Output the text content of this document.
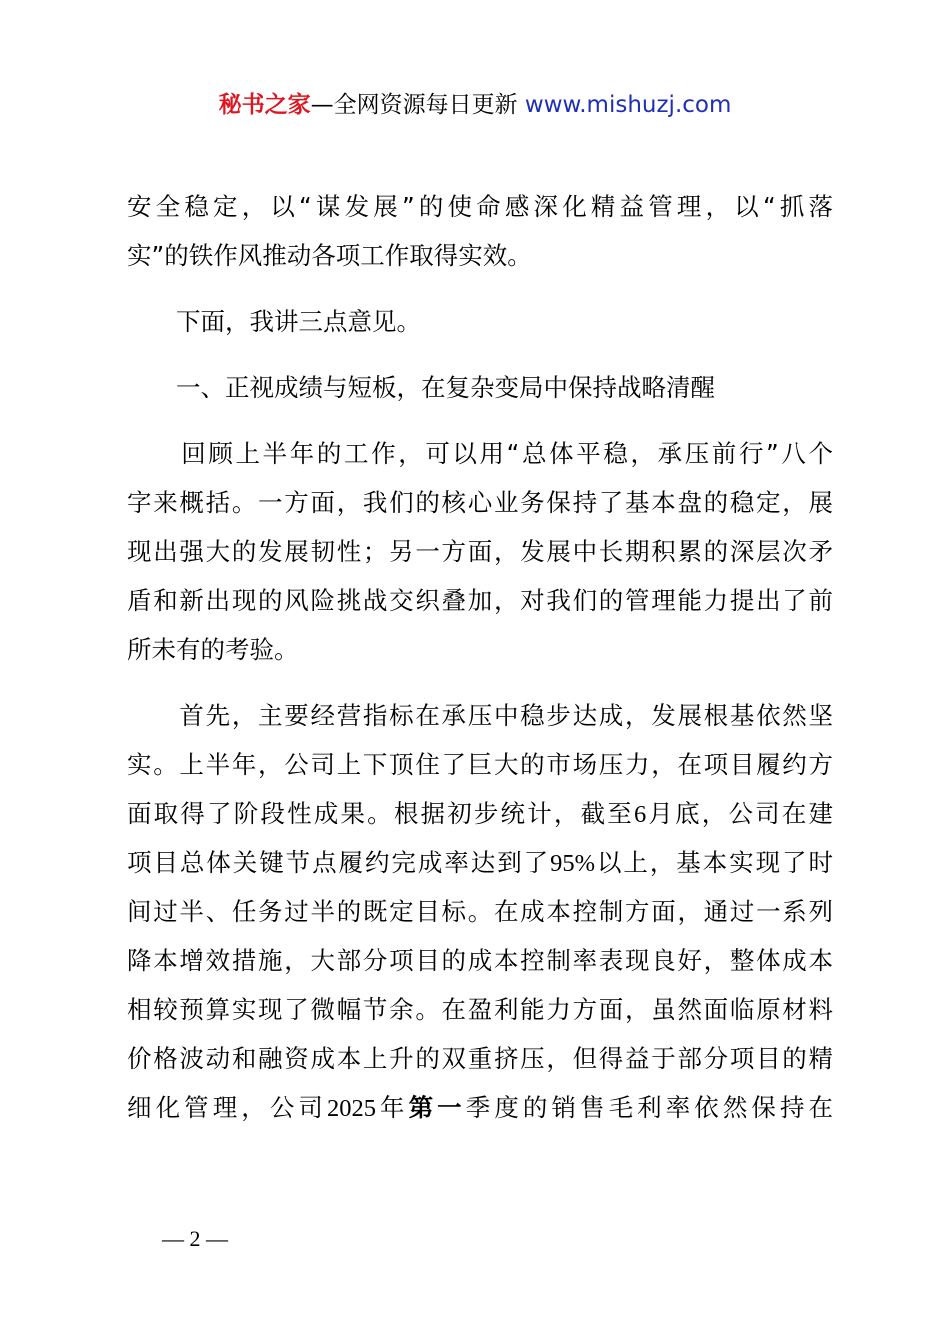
秘书之家—全网资源每日更新 www.mishuzj.com
安全稳定，以“谋发展”的使命感深化精益管理，以“抓落
实”的铁作风推动各项工作取得实效。
　　下面，我讲三点意见。
　　一、正视成绩与短板，在复杂变局中保持战略清醒
　　回顾上半年的工作，可以用“总体平稳，承压前行”八个
字来概括。一方面，我们的核心业务保持了基本盘的稳定，展
现出强大的发展韧性；另一方面，发展中长期积累的深层次矛
盾和新出现的风险挑战交织叠加，对我们的管理能力提出了前
所未有的考验。
　　首先，主要经营指标在承压中稳步达成，发展根基依然坚
实。上半年，公司上下顶住了巨大的市场压力，在项目履约方
面取得了阶段性成果。根据初步统计，截至6月底，公司在建
项目总体关键节点履约完成率达到了95%以上，基本实现了时
间过半、任务过半的既定目标。在成本控制方面，通过一系列
降本增效措施，大部分项目的成本控制率表现良好，整体成本
相较预算实现了微幅节余。在盈利能力方面，虽然面临原材料
价格波动和融资成本上升的双重挤压，但得益于部分项目的精
细化管理，公司2025年第一季度的销售毛利率依然保持在
— 2 —
